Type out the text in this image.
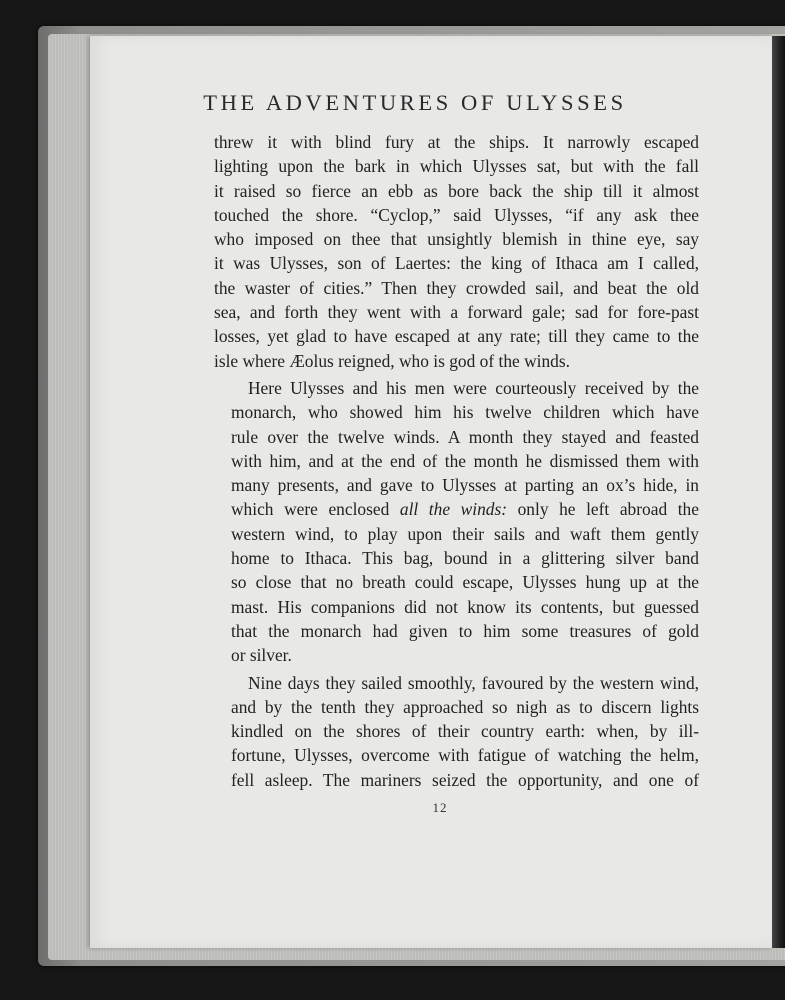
THE ADVENTURES OF ULYSSES

threw it with blind fury at the ships. It narrowly escaped
lighting upon the bark in which Ulysses sat, but with the fall
it raised so fierce an ebb as bore back the ship till it almost
touched the shore. “Cyclop,” said Ulysses, “if any ask thee
who imposed on thee that unsightly blemish in thine eye, say
it was Ulysses, son of Laertes: the king of Ithaca am I called,
the waster of cities.” Then they crowded sail, and beat the old
sea, and forth they went with a forward gale; sad for fore-past
losses, yet glad to have escaped at any rate; till they came to the
isle where Æolus reigned, who is god of the winds.

Here Ulysses and his men were courteously received by the
monarch, who showed him his twelve children which have
rule over the twelve winds. A month they stayed and feasted
with him, and at the end of the month he dismissed them with
many presents, and gave to Ulysses at parting an ox’s hide, in
which were enclosed all the winds: only he left abroad the
western wind, to play upon their sails and waft them gently
home to Ithaca. This bag, bound in a glittering silver band
so close that no breath could escape, Ulysses hung up at the
mast. His companions did not know its contents, but guessed
that the monarch had given to him some treasures of gold
or silver.

Nine days they sailed smoothly, favoured by the western wind,
and by the tenth they approached so nigh as to discern lights
kindled on the shores of their country earth: when, by ill-
fortune, Ulysses, overcome with fatigue of watching the helm,
fell asleep. The mariners seized the opportunity, and one of

12
